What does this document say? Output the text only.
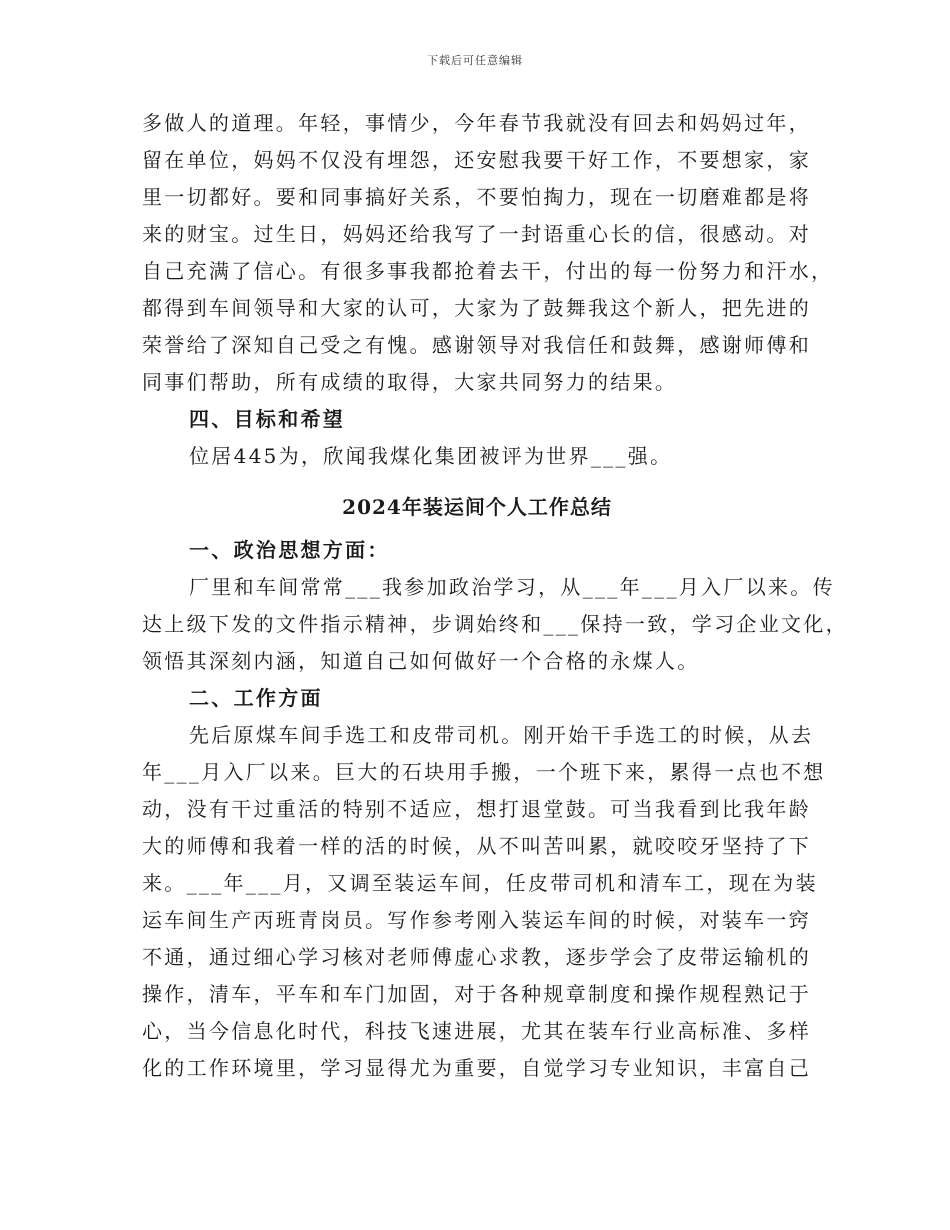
下载后可任意编辑
多做人的道理。年轻，事情少，今年春节我就没有回去和妈妈过年，
留在单位，妈妈不仅没有埋怨，还安慰我要干好工作，不要想家，家
里一切都好。要和同事搞好关系，不要怕掏力，现在一切磨难都是将
来的财宝。过生日，妈妈还给我写了一封语重心长的信，很感动。对
自己充满了信心。有很多事我都抢着去干，付出的每一份努力和汗水，
都得到车间领导和大家的认可，大家为了鼓舞我这个新人，把先进的
荣誉给了深知自己受之有愧。感谢领导对我信任和鼓舞，感谢师傅和
同事们帮助，所有成绩的取得，大家共同努力的结果。
四、目标和希望
位居445为，欣闻我煤化集团被评为世界___强。
2024年装运间个人工作总结
一、政治思想方面：
厂里和车间常常___我参加政治学习，从___年___月入厂以来。传
达上级下发的文件指示精神，步调始终和___保持一致，学习企业文化，
领悟其深刻内涵，知道自己如何做好一个合格的永煤人。
二、工作方面
先后原煤车间手选工和皮带司机。刚开始干手选工的时候，从去
年___月入厂以来。巨大的石块用手搬，一个班下来，累得一点也不想
动，没有干过重活的特别不适应，想打退堂鼓。可当我看到比我年龄
大的师傅和我着一样的活的时候，从不叫苦叫累，就咬咬牙坚持了下
来。___年___月，又调至装运车间，任皮带司机和清车工，现在为装
运车间生产丙班青岗员。写作参考刚入装运车间的时候，对装车一窍
不通，通过细心学习核对老师傅虚心求教，逐步学会了皮带运输机的
操作，清车，平车和车门加固，对于各种规章制度和操作规程熟记于
心，当今信息化时代，科技飞速进展，尤其在装车行业高标准、多样
化的工作环境里，学习显得尤为重要，自觉学习专业知识，丰富自己
